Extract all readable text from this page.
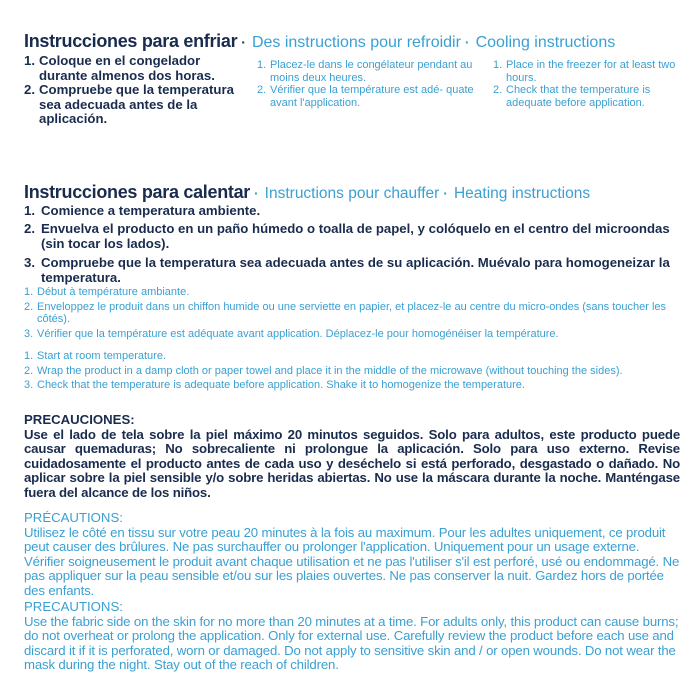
Instrucciones para enfriar · Des instructions pour refroidir · Cooling instructions
1. Coloque en el congelador durante almenos dos horas.
2. Compruebe que la temperatura sea adecuada antes de la aplicación.
1. Placez-le dans le congélateur pendant au moins deux heures.
2. Vérifier que la température est adé- quate avant l'application.
1. Place in the freezer for at least two hours.
2. Check that the temperature is adequate before application.
Instrucciones para calentar · Instructions pour chauffer · Heating instructions
1. Comience a temperatura ambiente.
2. Envuelva el producto en un paño húmedo o toalla de papel, y colóquelo en el centro del microondas (sin tocar los lados).
3. Compruebe que la temperatura sea adecuada antes de su aplicación. Muévalo para homogeneizar la temperatura.
1. Début à température ambiante.
2. Enveloppez le produit dans un chiffon humide ou une serviette en papier, et placez-le au centre du micro-ondes (sans toucher les côtés).
3. Vérifier que la température est adéquate avant application. Déplacez-le pour homogénéiser la température.
1. Start at room temperature.
2. Wrap the product in a damp cloth or paper towel and place it in the middle of the microwave (without touching the sides).
3. Check that the temperature is adequate before application. Shake it to homogenize the temperature.
PRECAUCIONES:

Use el lado de tela sobre la piel máximo 20 minutos seguidos. Solo para adultos, este producto puede causar quemaduras; No sobrecaliente ni prolongue la aplicación. Solo para uso externo. Revise cuidadosamente el producto antes de cada uso y deséchelo si está perforado, desgastado o dañado. No aplicar sobre la piel sensible y/o sobre heridas abiertas. No use la máscara durante la noche. Manténgase fuera del alcance de los niños.

PRÉCAUTIONS:

Utilisez le côté en tissu sur votre peau 20 minutes à la fois au maximum. Pour les adultes uniquement, ce produit peut causer des brûlures. Ne pas surchauffer ou prolonger l'application. Uniquement pour un usage externe. Vérifier soigneusement le produit avant chaque utilisation et ne pas l'utiliser s'il est perforé, usé ou endommagé. Ne pas appliquer sur la peau sensible et/ou sur les plaies ouvertes. Ne pas conserver la nuit. Gardez hors de portée des enfants.

PRECAUTIONS:

Use the fabric side on the skin for no more than 20 minutes at a time. For adults only, this product can cause burns; do not overheat or prolong the application. Only for external use. Carefully review the product before each use and discard it if it is perforated, worn or damaged. Do not apply to sensitive skin and / or open wounds. Do not wear the mask during the night. Stay out of the reach of children.
